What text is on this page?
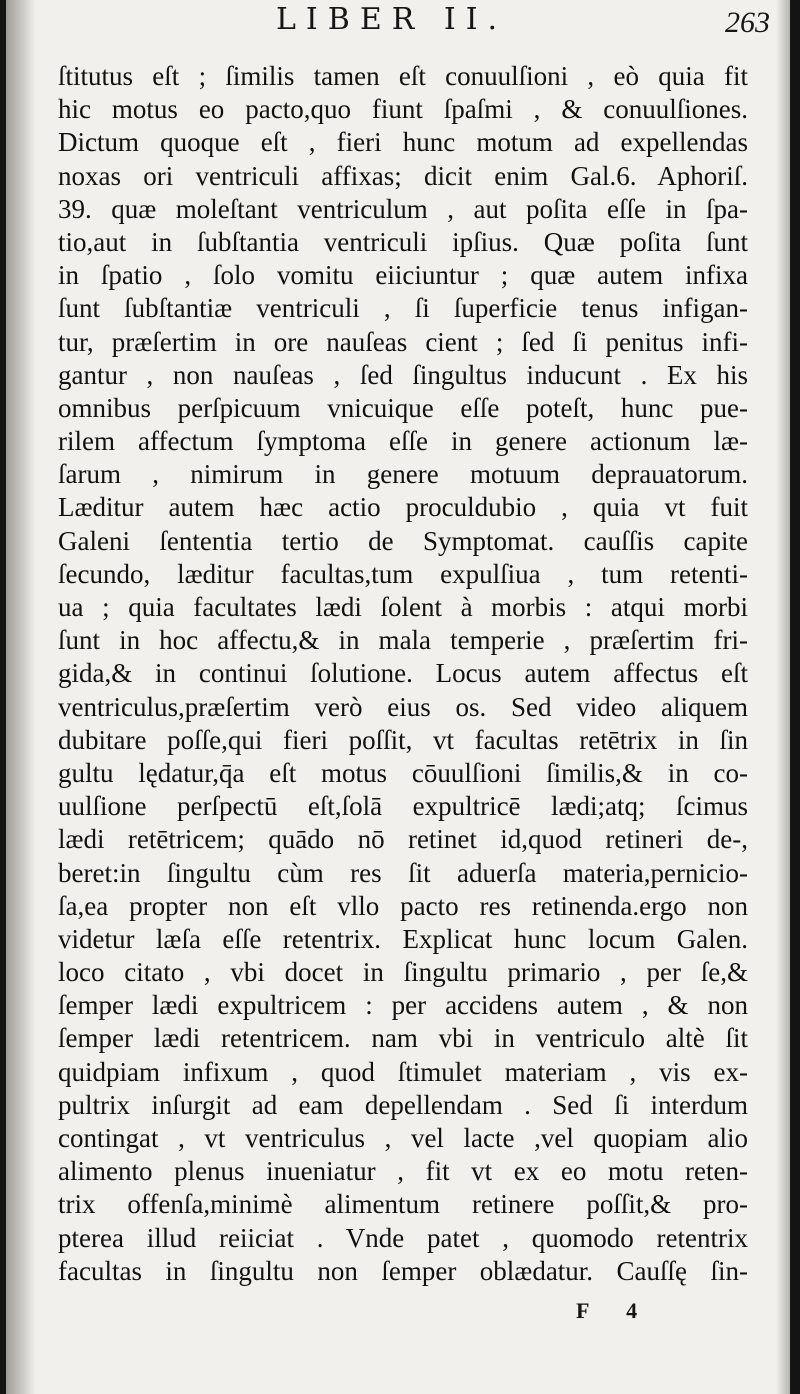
LIBER II.	263
ſtitutus eſt ; ſimilis tamen eſt conuulſioni , eò quia fit
hic motus eo pacto,quo fiunt ſpaſmi , & conuulſiones.
Dictum quoque eſt , fieri hunc motum ad expellendas
noxas ori ventriculi affixas; dicit enim Gal.6. Aphoriſ.
39. quæ moleſtant ventriculum , aut poſita eſſe in ſpa-
tio,aut in ſubſtantia ventriculi ipſius. Quæ poſita ſunt
in ſpatio , ſolo vomitu eiiciuntur ; quæ autem infixa
ſunt ſubſtantiæ ventriculi , ſi ſuperficie tenus infigan-
tur, præſertim in ore nauſeas cient ; ſed ſi penitus infi-
gantur , non nauſeas , ſed ſingultus inducunt . Ex his
omnibus perſpicuum vnicuique eſſe poteſt, hunc pue-
rilem affectum ſymptoma eſſe in genere actionum læ-
ſarum , nimirum in genere motuum deprauatorum.
Læditur autem hæc actio proculdubio , quia vt fuit
Galeni ſententia tertio de Symptomat. cauſſis capite
ſecundo, læditur facultas,tum expulſiua , tum retenti-
ua ; quia facultates lædi ſolent à morbis : atqui morbi
ſunt in hoc affectu,& in mala temperie , præſertim fri-
gida,& in continui ſolutione. Locus autem affectus eſt
ventriculus,præſertim verò eius os. Sed video aliquem
dubitare poſſe,qui fieri poſſit, vt facultas retētrix in ſin
gultu lędatur,q̄a eſt motus cōuulſioni ſimilis,& in co-
uulſione perſpectū eſt,ſolā expultricē lædi;atq; ſcimus
lædi retētricem; quādo nō retinet id,quod retineri de-,
beret:in ſingultu cùm res ſit aduerſa materia,pernicio-
ſa,ea propter non eſt vllo pacto res retinenda.ergo non
videtur læſa eſſe retentrix. Explicat hunc locum Galen.
loco citato , vbi docet in ſingultu primario , per ſe,&
ſemper lædi expultricem : per accidens autem , & non
ſemper lædi retentricem. nam vbi in ventriculo altè ſit
quidpiam infixum , quod ſtimulet materiam , vis ex-
pultrix inſurgit ad eam depellendam . Sed ſi interdum
contingat , vt ventriculus , vel lacte ,vel quopiam alio
alimento plenus inueniatur , fit vt ex eo motu reten-
trix offenſa,minimè alimentum retinere poſſit,& pro-
pterea illud reiiciat . Vnde patet , quomodo retentrix
facultas in ſingultu non ſemper oblædatur. Cauſſę ſin-
F 4
